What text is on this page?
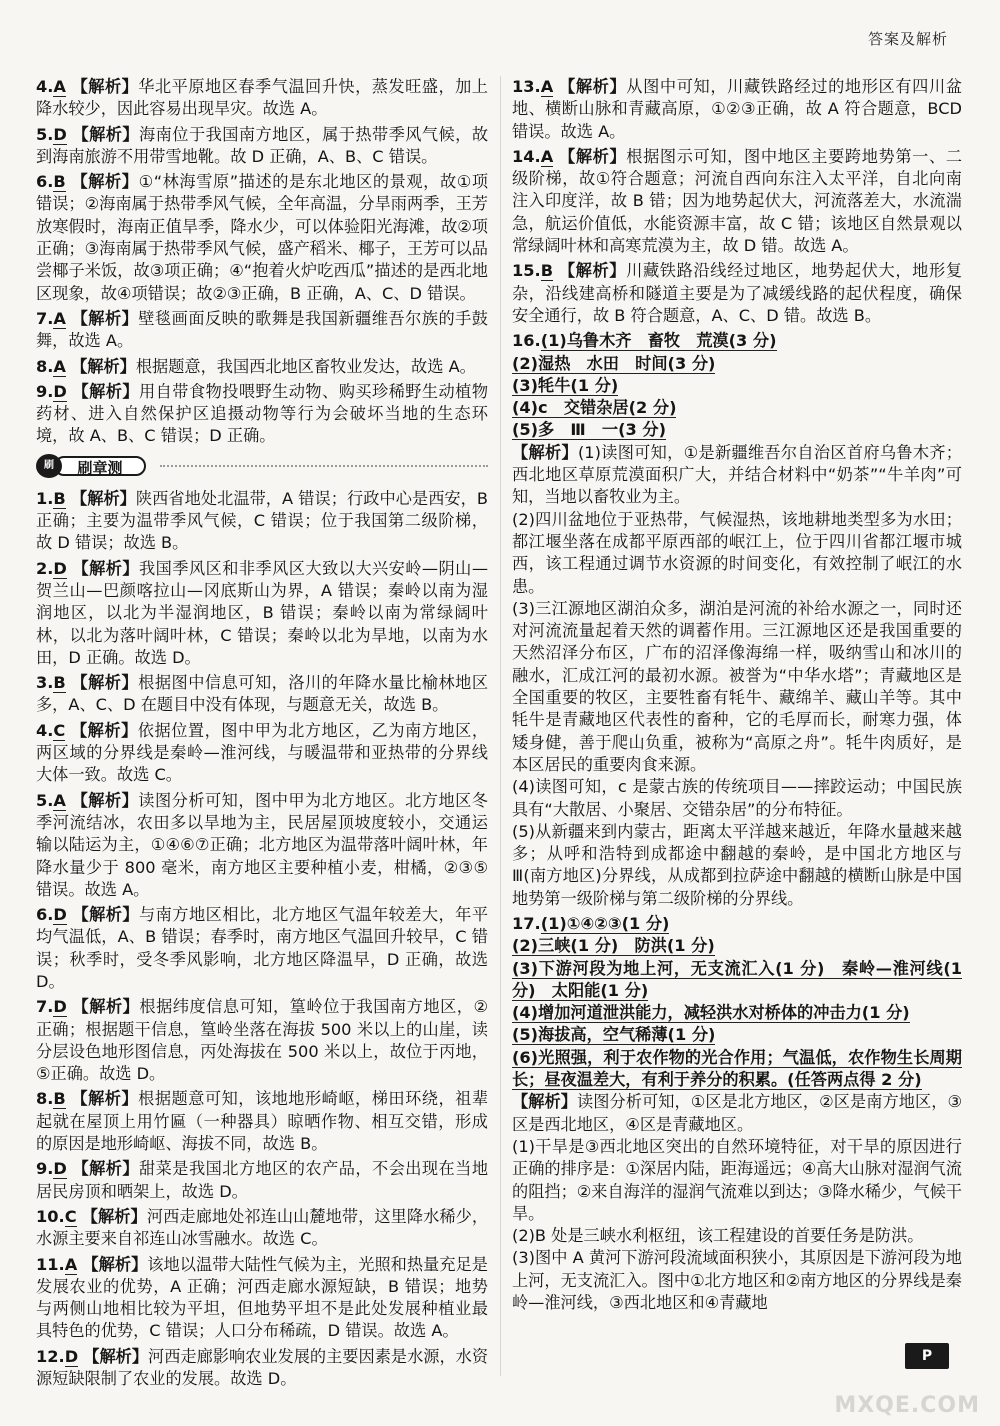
答案及解析

4.A 【解析】华北平原地区春季气温回升快，蒸发旺盛，加上降水较少，因此容易出现旱灾。故选 A。

5.D 【解析】海南位于我国南方地区，属于热带季风气候，故到海南旅游不用带雪地靴。故 D 正确，A、B、C 错误。

6.B 【解析】①“林海雪原”描述的是东北地区的景观，故①项错误；②海南属于热带季风气候，全年高温，分旱雨两季，王芳放寒假时，海南正值旱季，降水少，可以体验阳光海滩，故②项正确；③海南属于热带季风气候，盛产稻米、椰子，王芳可以品尝椰子米饭，故③项正确；④“抱着火炉吃西瓜”描述的是西北地区现象，故④项错误；故②③正确，B 正确，A、C、D 错误。

7.A 【解析】壁毯画面反映的歌舞是我国新疆维吾尔族的手鼓舞，故选 A。

8.A 【解析】根据题意，我国西北地区畜牧业发达，故选 A。

9.D 【解析】用自带食物投喂野生动物、购买珍稀野生动植物药材、进入自然保护区追摄动物等行为会破坏当地的生态环境，故 A、B、C 错误；D 正确。

刷章测
刷

1.B 【解析】陕西省地处北温带，A 错误；行政中心是西安，B 正确；主要为温带季风气候，C 错误；位于我国第二级阶梯，故 D 错误；故选 B。

2.D 【解析】我国季风区和非季风区大致以大兴安岭—阴山—贺兰山—巴颜喀拉山—冈底斯山为界，A 错误；秦岭以南为湿润地区，以北为半湿润地区，B 错误；秦岭以南为常绿阔叶林，以北为落叶阔叶林，C 错误；秦岭以北为旱地，以南为水田，D 正确。故选 D。

3.B 【解析】根据图中信息可知，洛川的年降水量比榆林地区多，A、C、D 在题目中没有体现，与题意无关，故选 B。

4.C 【解析】依据位置，图中甲为北方地区，乙为南方地区，两区域的分界线是秦岭—淮河线，与暖温带和亚热带的分界线大体一致。故选 C。

5.A 【解析】读图分析可知，图中甲为北方地区。北方地区冬季河流结冰，农田多以旱地为主，民居屋顶坡度较小，交通运输以陆运为主，①④⑥⑦正确；北方地区为温带落叶阔叶林，年降水量少于 800 毫米，南方地区主要种植小麦，柑橘，②③⑤错误。故选 A。

6.D 【解析】与南方地区相比，北方地区气温年较差大，年平均气温低，A、B 错误；春季时，南方地区气温回升较早，C 错误；秋季时，受冬季风影响，北方地区降温早，D 正确，故选 D。

7.D 【解析】根据纬度信息可知，篁岭位于我国南方地区，②正确；根据题干信息，篁岭坐落在海拔 500 米以上的山崖，读分层设色地形图信息，丙处海拔在 500 米以上，故位于丙地，⑤正确。故选 D。

8.B 【解析】根据题意可知，该地地形崎岖，梯田环绕，祖辈起就在屋顶上用竹匾（一种器具）晾晒作物、相互交错，形成的原因是地形崎岖、海拔不同，故选 B。

9.D 【解析】甜菜是我国北方地区的农产品，不会出现在当地居民房顶和晒架上，故选 D。

10.C 【解析】河西走廊地处祁连山山麓地带，这里降水稀少，水源主要来自祁连山冰雪融水。故选 C。

11.A 【解析】该地以温带大陆性气候为主，光照和热量充足是发展农业的优势，A 正确；河西走廊水源短缺，B 错误；地势与两侧山地相比较为平坦，但地势平坦不是此处发展种植业最具特色的优势，C 错误；人口分布稀疏，D 错误。故选 A。

12.D 【解析】河西走廊影响农业发展的主要因素是水源，水资源短缺限制了农业的发展。故选 D。

13.A 【解析】从图中可知，川藏铁路经过的地形区有四川盆地、横断山脉和青藏高原，①②③正确，故 A 符合题意，BCD 错误。故选 A。

14.A 【解析】根据图示可知，图中地区主要跨地势第一、二级阶梯，故①符合题意；河流自西向东注入太平洋，自北向南注入印度洋，故 B 错；因为地势起伏大，河流落差大，水流湍急，航运价值低，水能资源丰富，故 C 错；该地区自然景观以常绿阔叶林和高寒荒漠为主，故 D 错。故选 A。

15.B 【解析】川藏铁路沿线经过地区，地势起伏大，地形复杂，沿线建高桥和隧道主要是为了减缓线路的起伏程度，确保安全通行，故 B 符合题意，A、C、D 错。故选 B。

16.(1)乌鲁木齐　畜牧　荒漠(3 分)

(2)湿热　水田　时间(3 分)

(3)牦牛(1 分)

(4)c　交错杂居(2 分)

(5)多　Ⅲ　一(3 分)

【解析】(1)读图可知，①是新疆维吾尔自治区首府乌鲁木齐；西北地区草原荒漠面积广大，并结合材料中“奶茶”“牛羊肉”可知，当地以畜牧业为主。

(2)四川盆地位于亚热带，气候湿热，该地耕地类型多为水田；都江堰坐落在成都平原西部的岷江上，位于四川省都江堰市城西，该工程通过调节水资源的时间变化，有效控制了岷江的水患。

(3)三江源地区湖泊众多，湖泊是河流的补给水源之一，同时还对河流流量起着天然的调蓄作用。三江源地区还是我国重要的天然沼泽分布区，广布的沼泽像海绵一样，吸纳雪山和冰川的融水，汇成江河的最初水源。被誉为“中华水塔”；青藏地区是全国重要的牧区，主要牲畜有牦牛、藏绵羊、藏山羊等。其中牦牛是青藏地区代表性的畜种，它的毛厚而长，耐寒力强，体矮身健，善于爬山负重，被称为“高原之舟”。牦牛肉质好，是本区居民的重要肉食来源。

(4)读图可知，c 是蒙古族的传统项目——摔跤运动；中国民族具有“大散居、小聚居、交错杂居”的分布特征。

(5)从新疆来到内蒙古，距离太平洋越来越近，年降水量越来越多；从呼和浩特到成都途中翻越的秦岭，是中国北方地区与Ⅲ(南方地区)分界线，从成都到拉萨途中翻越的横断山脉是中国地势第一级阶梯与第二级阶梯的分界线。

17.(1)①④②③(1 分)

(2)三峡(1 分)　防洪(1 分)

(3)下游河段为地上河，无支流汇入(1 分)　秦岭—淮河线(1 分)　太阳能(1 分)

(4)增加河道泄洪能力，减轻洪水对桥体的冲击力(1 分)

(5)海拔高，空气稀薄(1 分)

(6)光照强，利于农作物的光合作用；气温低，农作物生长周期长；昼夜温差大，有利于养分的积累。(任答两点得 2 分)

【解析】读图分析可知，①区是北方地区，②区是南方地区，③区是西北地区，④区是青藏地区。

(1)干旱是③西北地区突出的自然环境特征，对干旱的原因进行正确的排序是：①深居内陆，距海遥远；④高大山脉对湿润气流的阻挡；②来自海洋的湿润气流难以到达；③降水稀少，气候干旱。

(2)B 处是三峡水利枢纽，该工程建设的首要任务是防洪。

(3)图中 A 黄河下游河段流域面积狭小，其原因是下游河段为地上河，无支流汇入。图中①北方地区和②南方地区的分界线是秦岭—淮河线，③西北地区和④青藏地

P
MXQE.COM
